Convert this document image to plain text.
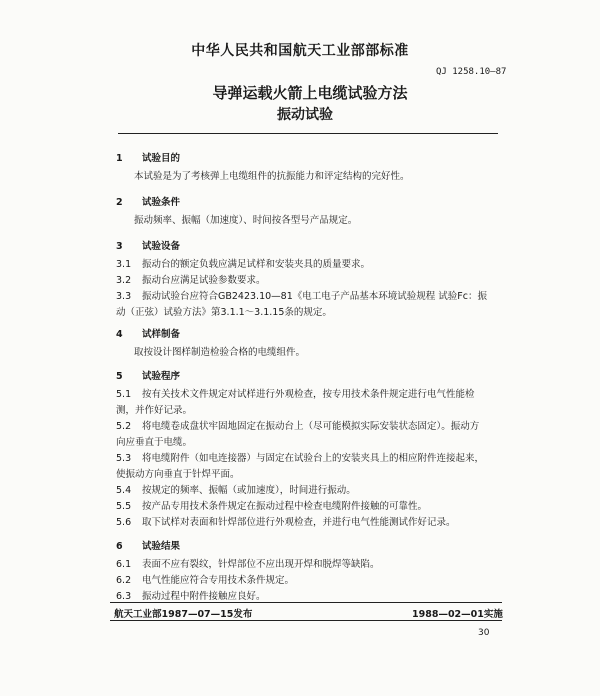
中华人民共和国航天工业部部标准
QJ 1258.10—87
导弹运载火箭上电缆试验方法
振动试验
1 试验目的
本试验是为了考核弹上电缆组件的抗振能力和评定结构的完好性。
2 试验条件
振动频率、振幅（加速度）、时间按各型号产品规定。
3 试验设备
3.1 振动台的额定负载应满足试样和安装夹具的质量要求。
3.2 振动台应满足试验参数要求。
3.3 振动试验台应符合GB2423.10—81《电工电子产品基本环境试验规程 试验Fc：振
动（正弦）试验方法》第3.1.1～3.1.15条的规定。
4 试样制备
取按设计图样制造检验合格的电缆组件。
5 试验程序
5.1 按有关技术文件规定对试样进行外观检查，按专用技术条件规定进行电气性能检
测，并作好记录。
5.2 将电缆卷成盘状牢固地固定在振动台上（尽可能模拟实际安装状态固定）。振动方
向应垂直于电缆。
5.3 将电缆附件（如电连接器）与固定在试验台上的安装夹具上的相应附件连接起来，
使振动方向垂直于针焊平面。
5.4 按规定的频率、振幅（或加速度），时间进行振动。
5.5 按产品专用技术条件规定在振动过程中检查电缆附件接触的可靠性。
5.6 取下试样对表面和针焊部位进行外观检查，并进行电气性能测试作好记录。
6 试验结果
6.1 表面不应有裂纹，针焊部位不应出现开焊和脱焊等缺陷。
6.2 电气性能应符合专用技术条件规定。
6.3 振动过程中附件接触应良好。
航天工业部1987—07—15发布	1988—02—01实施
30
